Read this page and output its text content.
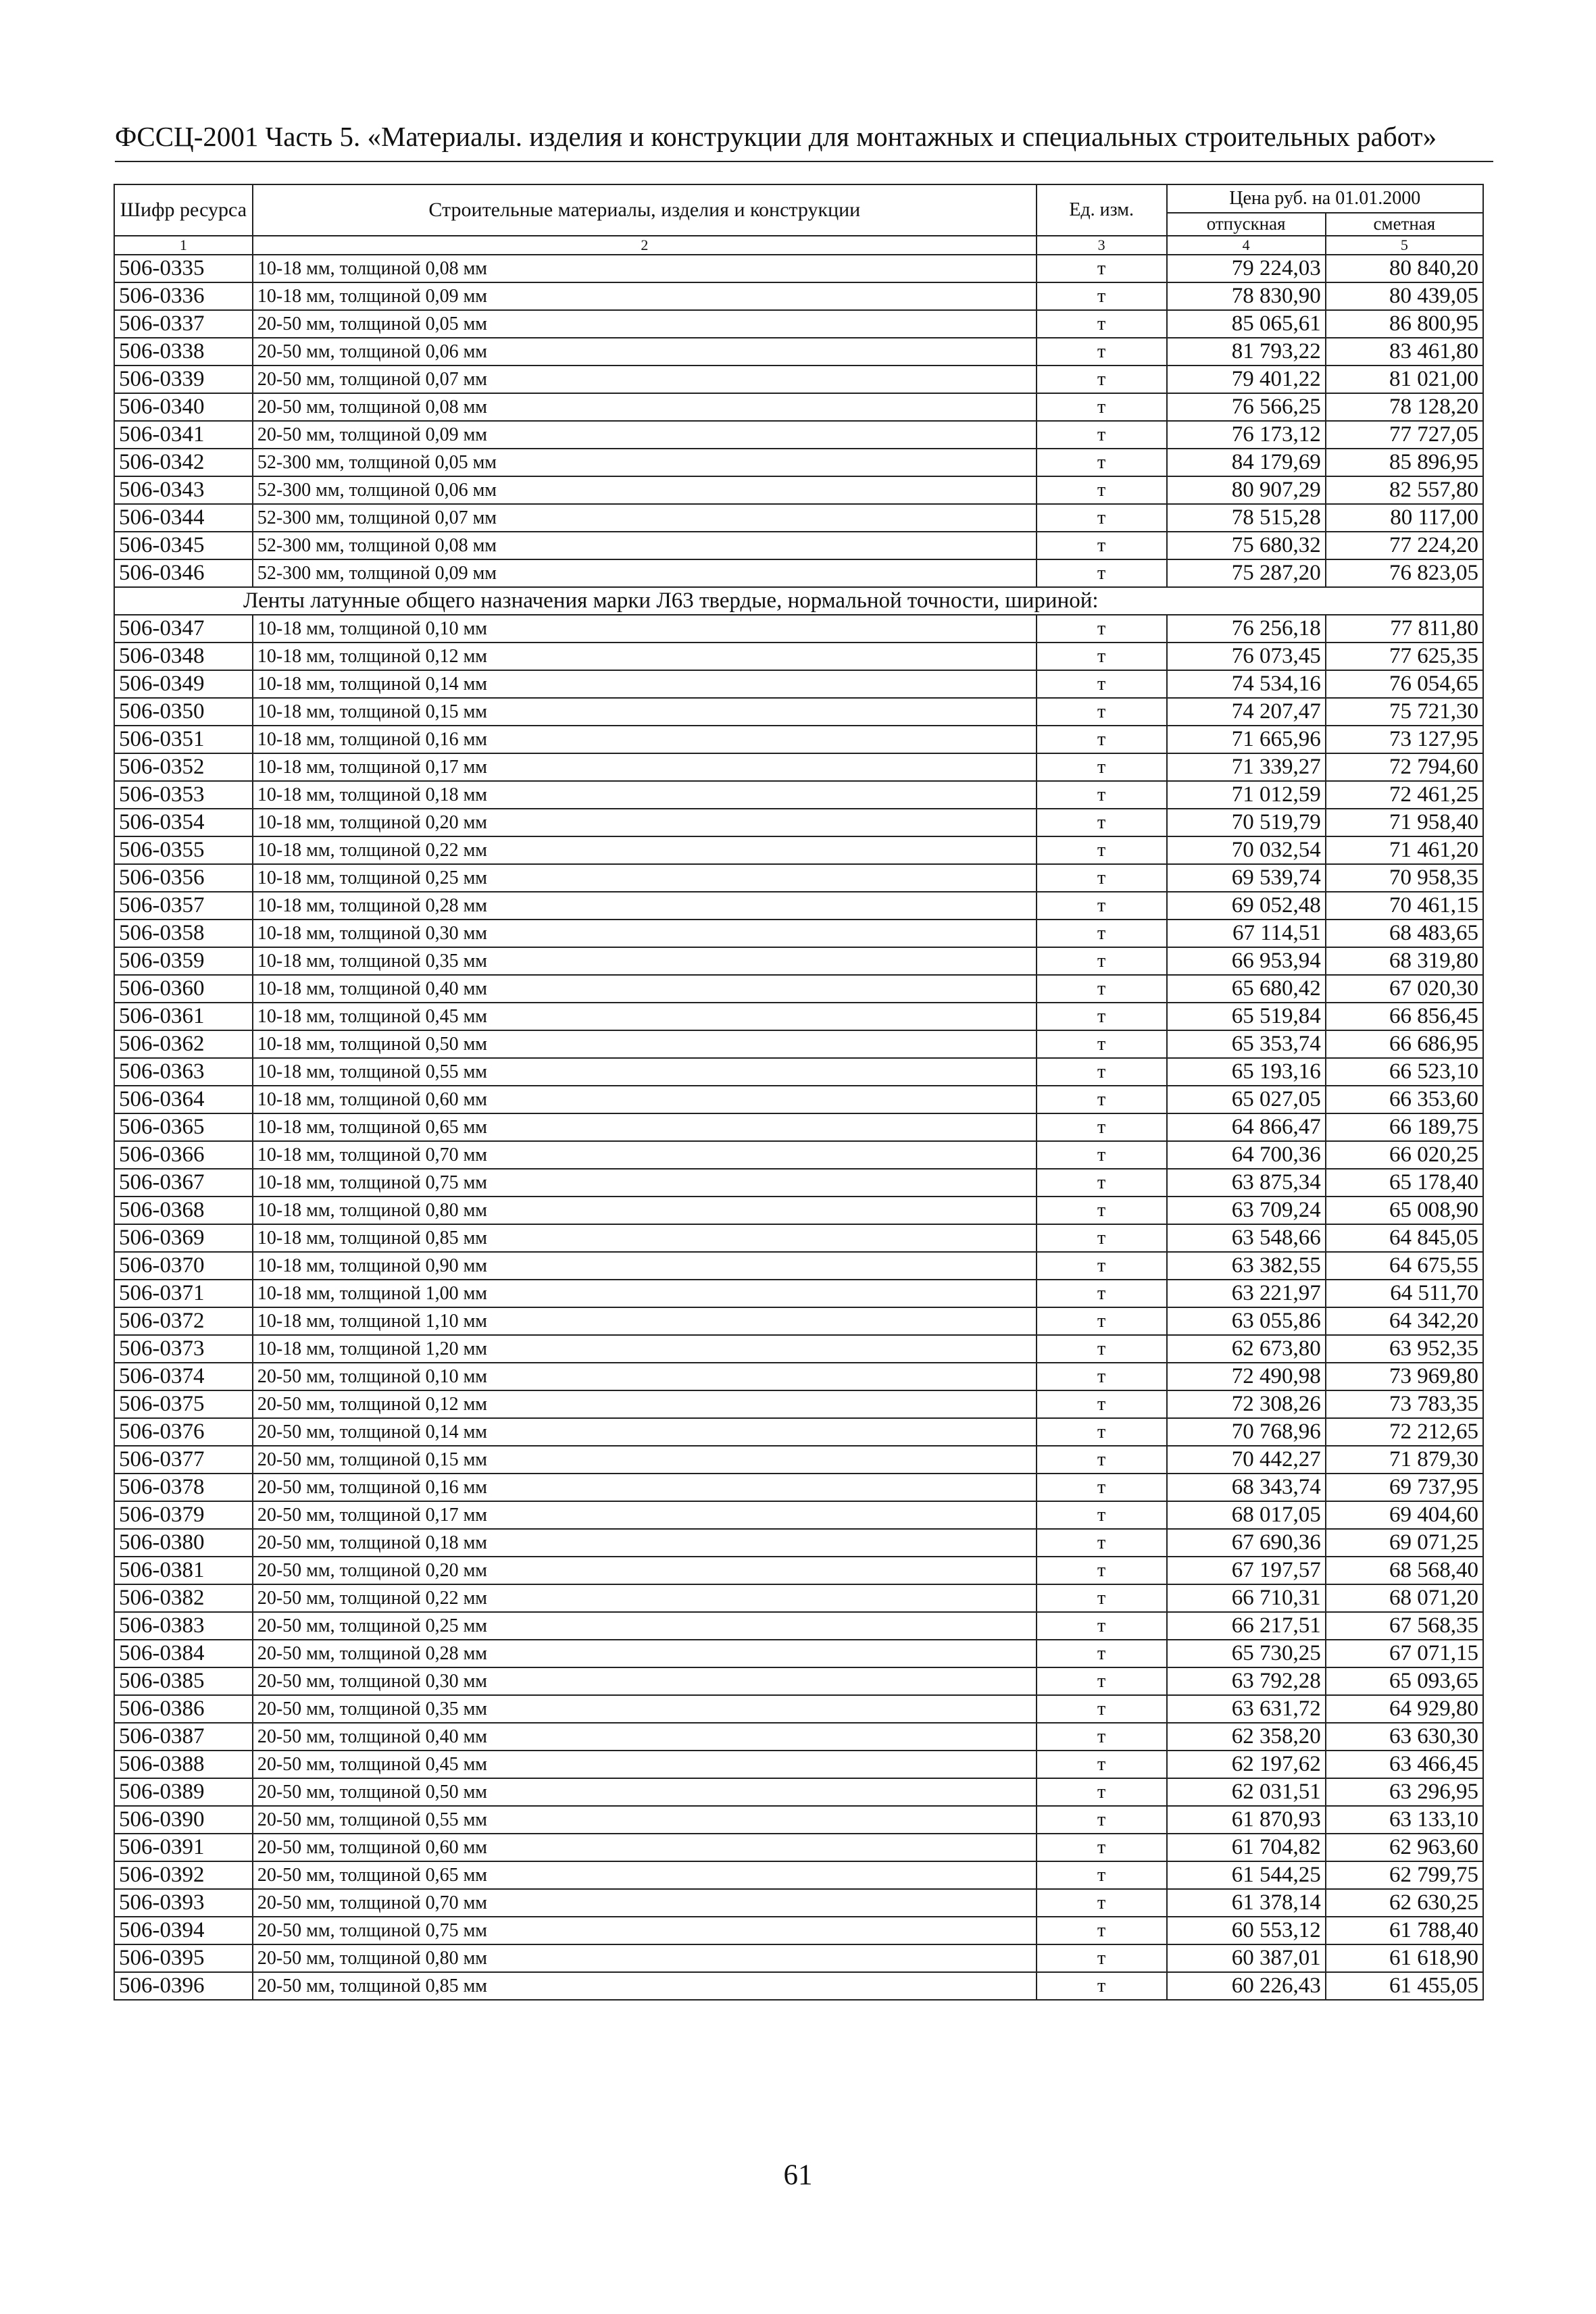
ФССЦ-2001 Часть 5. «Материалы. изделия и конструкции для монтажных и специальных строительных работ»
Шифр ресурса	Строительные материалы, изделия и конструкции	Ед. изм.	Цена руб. на 01.01.2000	
			отпускная	сметная
1	2	3	4	5
506-0335	10-18 мм, толщиной 0,08 мм	т	79 224,03	80 840,20
506-0336	10-18 мм, толщиной 0,09 мм	т	78 830,90	80 439,05
506-0337	20-50 мм, толщиной 0,05 мм	т	85 065,61	86 800,95
506-0338	20-50 мм, толщиной 0,06 мм	т	81 793,22	83 461,80
506-0339	20-50 мм, толщиной 0,07 мм	т	79 401,22	81 021,00
506-0340	20-50 мм, толщиной 0,08 мм	т	76 566,25	78 128,20
506-0341	20-50 мм, толщиной 0,09 мм	т	76 173,12	77 727,05
506-0342	52-300 мм, толщиной 0,05 мм	т	84 179,69	85 896,95
506-0343	52-300 мм, толщиной 0,06 мм	т	80 907,29	82 557,80
506-0344	52-300 мм, толщиной 0,07 мм	т	78 515,28	80 117,00
506-0345	52-300 мм, толщиной 0,08 мм	т	75 680,32	77 224,20
506-0346	52-300 мм, толщиной 0,09 мм	т	75 287,20	76 823,05
Ленты латунные общего назначения марки Л63 твердые, нормальной точности, шириной:				
506-0347	10-18 мм, толщиной 0,10 мм	т	76 256,18	77 811,80
506-0348	10-18 мм, толщиной 0,12 мм	т	76 073,45	77 625,35
506-0349	10-18 мм, толщиной 0,14 мм	т	74 534,16	76 054,65
506-0350	10-18 мм, толщиной 0,15 мм	т	74 207,47	75 721,30
506-0351	10-18 мм, толщиной 0,16 мм	т	71 665,96	73 127,95
506-0352	10-18 мм, толщиной 0,17 мм	т	71 339,27	72 794,60
506-0353	10-18 мм, толщиной 0,18 мм	т	71 012,59	72 461,25
506-0354	10-18 мм, толщиной 0,20 мм	т	70 519,79	71 958,40
506-0355	10-18 мм, толщиной 0,22 мм	т	70 032,54	71 461,20
506-0356	10-18 мм, толщиной 0,25 мм	т	69 539,74	70 958,35
506-0357	10-18 мм, толщиной 0,28 мм	т	69 052,48	70 461,15
506-0358	10-18 мм, толщиной 0,30 мм	т	67 114,51	68 483,65
506-0359	10-18 мм, толщиной 0,35 мм	т	66 953,94	68 319,80
506-0360	10-18 мм, толщиной 0,40 мм	т	65 680,42	67 020,30
506-0361	10-18 мм, толщиной 0,45 мм	т	65 519,84	66 856,45
506-0362	10-18 мм, толщиной 0,50 мм	т	65 353,74	66 686,95
506-0363	10-18 мм, толщиной 0,55 мм	т	65 193,16	66 523,10
506-0364	10-18 мм, толщиной 0,60 мм	т	65 027,05	66 353,60
506-0365	10-18 мм, толщиной 0,65 мм	т	64 866,47	66 189,75
506-0366	10-18 мм, толщиной 0,70 мм	т	64 700,36	66 020,25
506-0367	10-18 мм, толщиной 0,75 мм	т	63 875,34	65 178,40
506-0368	10-18 мм, толщиной 0,80 мм	т	63 709,24	65 008,90
506-0369	10-18 мм, толщиной 0,85 мм	т	63 548,66	64 845,05
506-0370	10-18 мм, толщиной 0,90 мм	т	63 382,55	64 675,55
506-0371	10-18 мм, толщиной 1,00 мм	т	63 221,97	64 511,70
506-0372	10-18 мм, толщиной 1,10 мм	т	63 055,86	64 342,20
506-0373	10-18 мм, толщиной 1,20 мм	т	62 673,80	63 952,35
506-0374	20-50 мм, толщиной 0,10 мм	т	72 490,98	73 969,80
506-0375	20-50 мм, толщиной 0,12 мм	т	72 308,26	73 783,35
506-0376	20-50 мм, толщиной 0,14 мм	т	70 768,96	72 212,65
506-0377	20-50 мм, толщиной 0,15 мм	т	70 442,27	71 879,30
506-0378	20-50 мм, толщиной 0,16 мм	т	68 343,74	69 737,95
506-0379	20-50 мм, толщиной 0,17 мм	т	68 017,05	69 404,60
506-0380	20-50 мм, толщиной 0,18 мм	т	67 690,36	69 071,25
506-0381	20-50 мм, толщиной 0,20 мм	т	67 197,57	68 568,40
506-0382	20-50 мм, толщиной 0,22 мм	т	66 710,31	68 071,20
506-0383	20-50 мм, толщиной 0,25 мм	т	66 217,51	67 568,35
506-0384	20-50 мм, толщиной 0,28 мм	т	65 730,25	67 071,15
506-0385	20-50 мм, толщиной 0,30 мм	т	63 792,28	65 093,65
506-0386	20-50 мм, толщиной 0,35 мм	т	63 631,72	64 929,80
506-0387	20-50 мм, толщиной 0,40 мм	т	62 358,20	63 630,30
506-0388	20-50 мм, толщиной 0,45 мм	т	62 197,62	63 466,45
506-0389	20-50 мм, толщиной 0,50 мм	т	62 031,51	63 296,95
506-0390	20-50 мм, толщиной 0,55 мм	т	61 870,93	63 133,10
506-0391	20-50 мм, толщиной 0,60 мм	т	61 704,82	62 963,60
506-0392	20-50 мм, толщиной 0,65 мм	т	61 544,25	62 799,75
506-0393	20-50 мм, толщиной 0,70 мм	т	61 378,14	62 630,25
506-0394	20-50 мм, толщиной 0,75 мм	т	60 553,12	61 788,40
506-0395	20-50 мм, толщиной 0,80 мм	т	60 387,01	61 618,90
506-0396	20-50 мм, толщиной 0,85 мм	т	60 226,43	61 455,05
61
